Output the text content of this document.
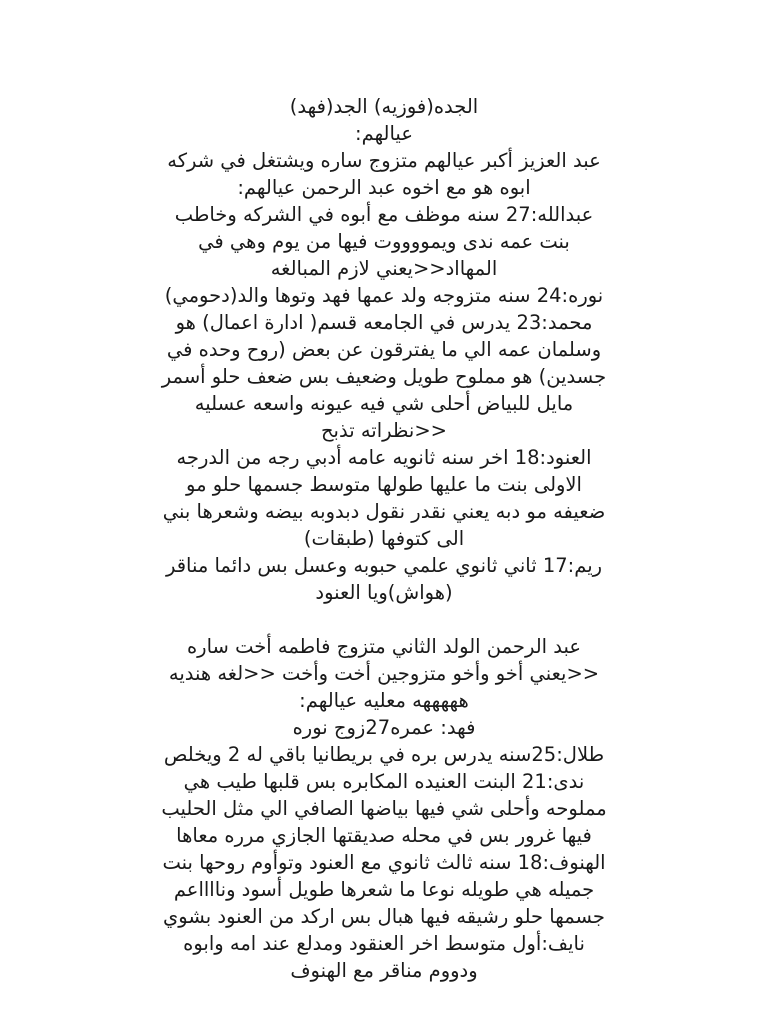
الجده(فوزيه) الجد(فهد)
عيالهم:
عبد العزيز أكبر عيالهم متزوج ساره ويشتغل في شركه
ابوه هو مع اخوه عبد الرحمن عيالهم:
عبدالله:27 سنه موظف مع أبوه في الشركه وخاطب
بنت عمه ندى ويمووووت فيها من يوم وهي في
المهااد<<يعني لازم المبالغه
نوره:24 سنه متزوجه ولد عمها فهد وتوها والد(دحومي)
محمد:23 يدرس في الجامعه قسم( ادارة اعمال) هو
وسلمان عمه الي ما يفترقون عن بعض (روح وحده في
جسدين) هو مملوح طويل وضعيف بس ضعف حلو أسمر
مايل للبياض أحلى شي فيه عيونه واسعه عسليه
<<نظراته تذبح
العنود:18 اخر سنه ثانويه عامه أدبي رجه من الدرجه
الاولى بنت ما عليها طولها متوسط جسمها حلو مو
ضعيفه مو دبه يعني نقدر نقول دبدوبه بيضه وشعرها بني
الى كتوفها (طبقات)
ريم:17 ثاني ثانوي علمي حبوبه وعسل بس دائما مناقر
(هواش)ويا العنود
عبد الرحمن الولد الثاني متزوج فاطمه أخت ساره
<<يعني أخو وأخو متزوجين أخت وأخت <<لغه هنديه
هههههه معليه عيالهم:
فهد: عمره27زوج نوره
طلال:25سنه يدرس بره في بريطانيا باقي له 2 ويخلص
ندى:21 البنت العنيده المكابره بس قلبها طيب هي
مملوحه وأحلى شي فيها بياضها الصافي الي مثل الحليب
فيها غرور بس في محله صديقتها الجازي مرره معاها
الهنوف:18 سنه ثالث ثانوي مع العنود وتوأوم روحها بنت
جميله هي طويله نوعا ما شعرها طويل أسود ونااااعم
جسمها حلو رشيقه فيها هبال بس اركد من العنود بشوي
نايف:أول متوسط اخر العنقود ومدلع عند امه وابوه
ودووم مناقر مع الهنوف
